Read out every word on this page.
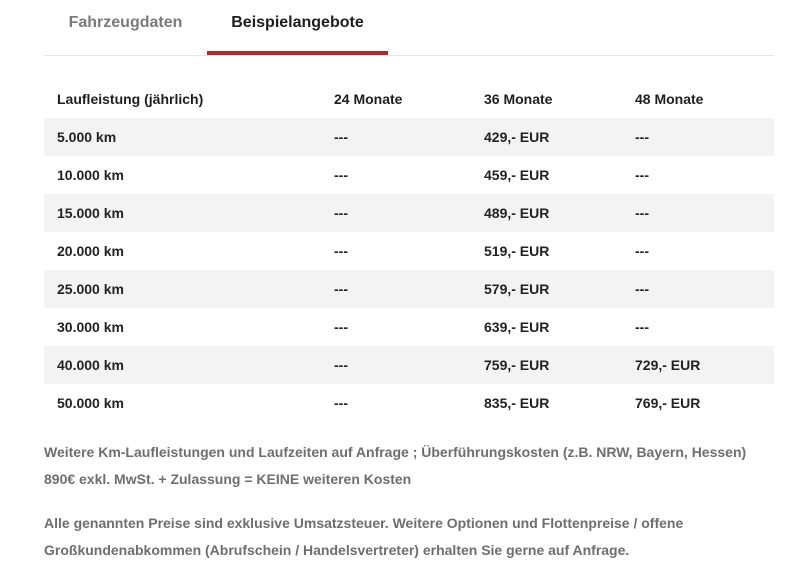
Fahrzeugdaten	Beispielangebote
Laufleistung (jährlich)	24 Monate	36 Monate	48 Monate
5.000 km	---	429,- EUR	---
10.000 km	---	459,- EUR	---
15.000 km	---	489,- EUR	---
20.000 km	---	519,- EUR	---
25.000 km	---	579,- EUR	---
30.000 km	---	639,- EUR	---
40.000 km	---	759,- EUR	729,- EUR
50.000 km	---	835,- EUR	769,- EUR

Weitere Km-Laufleistungen und Laufzeiten auf Anfrage ; Überführungskosten (z.B. NRW, Bayern, Hessen) 890€ exkl. MwSt. + Zulassung = KEINE weiteren Kosten

Alle genannten Preise sind exklusive Umsatzsteuer. Weitere Optionen und Flottenpreise / offene Großkundenabkommen (Abrufschein / Handelsvertreter) erhalten Sie gerne auf Anfrage.
